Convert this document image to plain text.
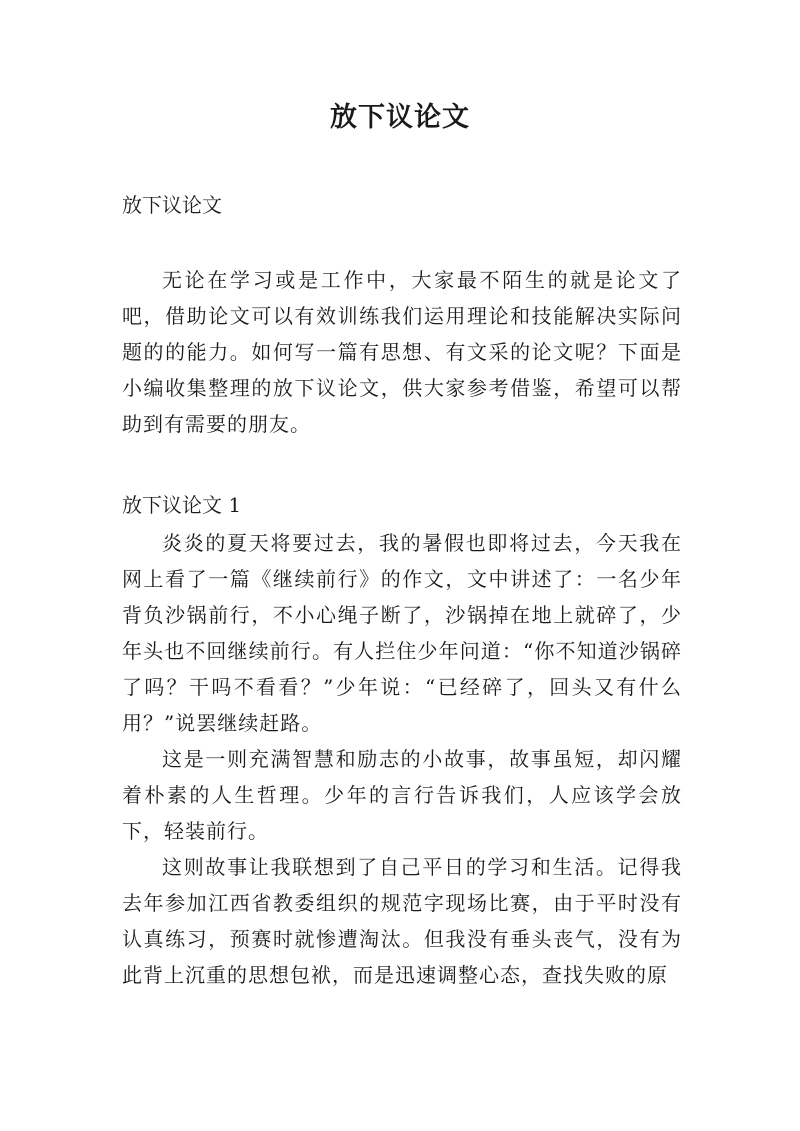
放下议论文

放下议论文

无论在学习或是工作中，大家最不陌生的就是论文了吧，借助论文可以有效训练我们运用理论和技能解决实际问题的的能力。如何写一篇有思想、有文采的论文呢？下面是小编收集整理的放下议论文，供大家参考借鉴，希望可以帮助到有需要的朋友。

放下议论文 1

炎炎的夏天将要过去，我的暑假也即将过去，今天我在网上看了一篇《继续前行》的作文，文中讲述了：一名少年背负沙锅前行，不小心绳子断了，沙锅掉在地上就碎了，少年头也不回继续前行。有人拦住少年问道：“你不知道沙锅碎了吗？干吗不看看？”少年说：“已经碎了，回头又有什么用？”说罢继续赶路。

这是一则充满智慧和励志的小故事，故事虽短，却闪耀着朴素的人生哲理。少年的言行告诉我们，人应该学会放下，轻装前行。

这则故事让我联想到了自己平日的学习和生活。记得我去年参加江西省教委组织的规范字现场比赛，由于平时没有认真练习，预赛时就惨遭淘汰。但我没有垂头丧气，没有为此背上沉重的思想包袱，而是迅速调整心态，查找失败的原
